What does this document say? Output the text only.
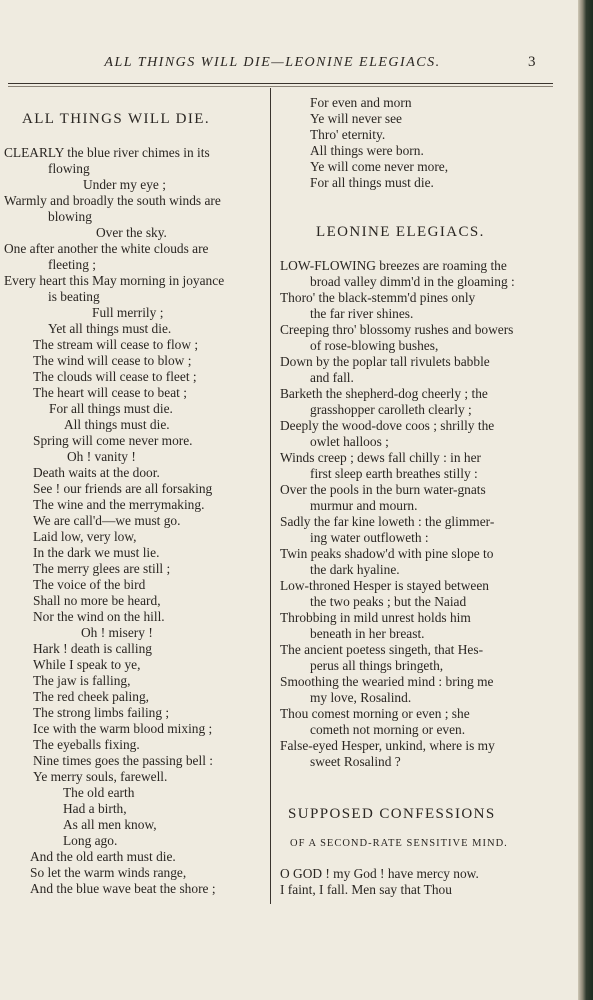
ALL THINGS WILL DIE—LEONINE ELEGIACS.	3
ALL THINGS WILL DIE.
CLEARLY the blue river chimes in its
flowing
Under my eye ;
Warmly and broadly the south winds are
blowing
Over the sky.
One after another the white clouds are
fleeting ;
Every heart this May morning in joyance
is beating
Full merrily ;
Yet all things must die.
The stream will cease to flow ;
The wind will cease to blow ;
The clouds will cease to fleet ;
The heart will cease to beat ;
For all things must die.
All things must die.
Spring will come never more.
Oh ! vanity !
Death waits at the door.
See ! our friends are all forsaking
The wine and the merrymaking.
We are call'd—we must go.
Laid low, very low,
In the dark we must lie.
The merry glees are still ;
The voice of the bird
Shall no more be heard,
Nor the wind on the hill.
Oh ! misery !
Hark ! death is calling
While I speak to ye,
The jaw is falling,
The red cheek paling,
The strong limbs failing ;
Ice with the warm blood mixing ;
The eyeballs fixing.
Nine times goes the passing bell :
Ye merry souls, farewell.
The old earth
Had a birth,
As all men know,
Long ago.
And the old earth must die.
So let the warm winds range,
And the blue wave beat the shore ;
For even and morn
Ye will never see
Thro' eternity.
All things were born.
Ye will come never more,
For all things must die.
LEONINE ELEGIACS.
LOW-FLOWING breezes are roaming the
broad valley dimm'd in the gloaming :
Thoro' the black-stemm'd pines only
the far river shines.
Creeping thro' blossomy rushes and bowers
of rose-blowing bushes,
Down by the poplar tall rivulets babble
and fall.
Barketh the shepherd-dog cheerly ; the
grasshopper carolleth clearly ;
Deeply the wood-dove coos ; shrilly the
owlet halloos ;
Winds creep ; dews fall chilly : in her
first sleep earth breathes stilly :
Over the pools in the burn water-gnats
murmur and mourn.
Sadly the far kine loweth : the glimmer-
ing water outfloweth :
Twin peaks shadow'd with pine slope to
the dark hyaline.
Low-throned Hesper is stayed between
the two peaks ; but the Naiad
Throbbing in mild unrest holds him
beneath in her breast.
The ancient poetess singeth, that Hes-
perus all things bringeth,
Smoothing the wearied mind : bring me
my love, Rosalind.
Thou comest morning or even ; she
cometh not morning or even.
False-eyed Hesper, unkind, where is my
sweet Rosalind ?
SUPPOSED CONFESSIONS
OF A SECOND-RATE SENSITIVE MIND.
O GOD ! my God ! have mercy now.
I faint, I fall. Men say that Thou
